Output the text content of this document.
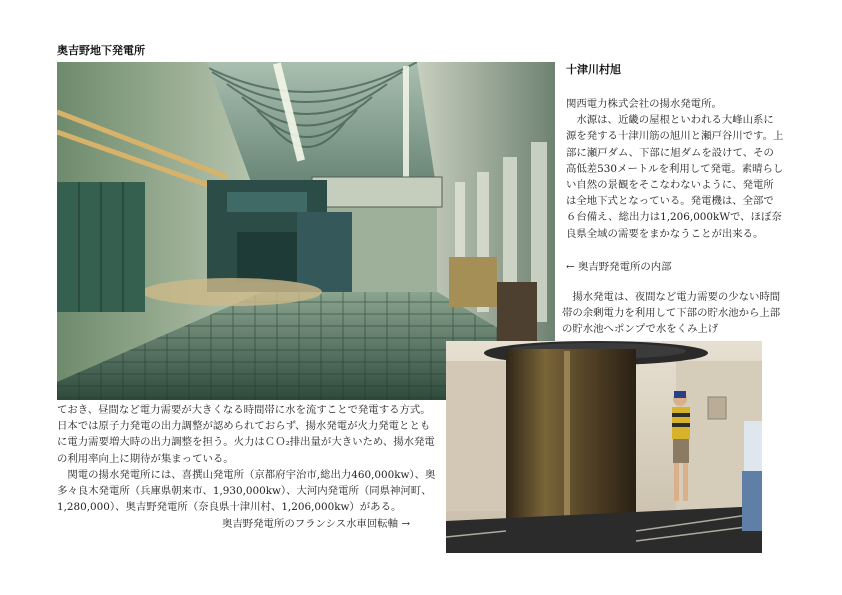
奥吉野地下発電所
十津川村旭

関西電力株式会社の揚水発電所。

水源は、近畿の屋根といわれる大峰山系に源を発する十津川筋の旭川と瀬戸谷川です。上部に瀬戸ダム、下部に旭ダムを設けて、その高低差530メートルを利用して発電。素晴らしい自然の景観をそこなわないように、発電所は全地下式となっている。発電機は、全部で６台備え、総出力は1,206,000kWで、ほぼ奈良県全域の需要をまかなうことが出来る。

← 奥吉野発電所の内部

揚水発電は、夜間など電力需要の少ない時間帯の余剰電力を利用して下部の貯水池から上部の貯水池へポンプで水をくみ上げ

ておき、昼間など電力需要が大きくなる時間帯に水を流すことで発電する方式。日本では原子力発電の出力調整が認められておらず、揚水発電が火力発電とともに電力需要増大時の出力調整を担う。火力はＣＯ₂排出量が大きいため、揚水発電の利用率向上に期待が集まっている。

関電の揚水発電所には、喜撰山発電所（京都府宇治市,総出力460,000kw）、奥多々良木発電所（兵庫県朝来市、1,930,000kw）、大河内発電所（同県神河町、1,280,000）、奥吉野発電所（奈良県十津川村、1,206,000kw）がある。

奥吉野発電所のフランシス水車回転軸 →
